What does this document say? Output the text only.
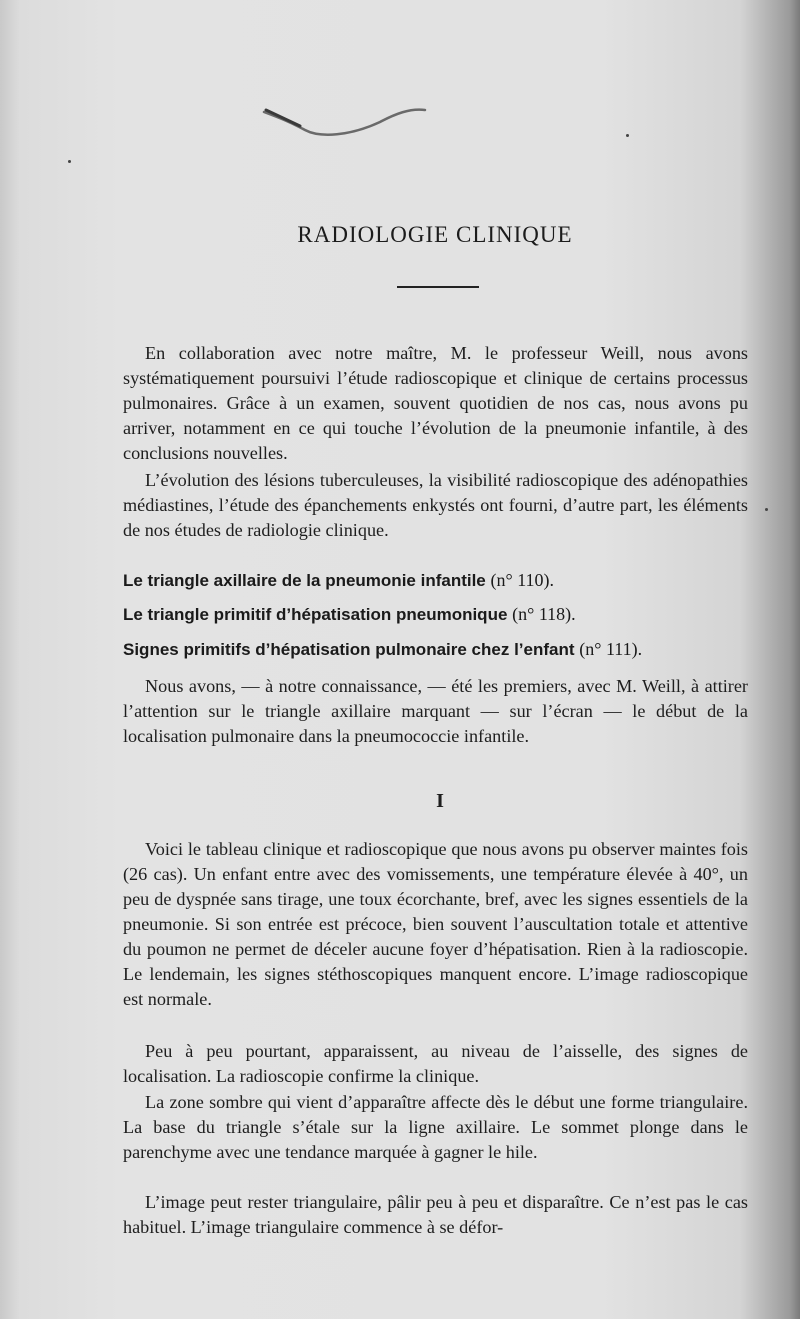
RADIOLOGIE CLINIQUE

En collaboration avec notre maître, M. le professeur Weill, nous avons systématiquement poursuivi l’étude radioscopique et clinique de certains processus pulmonaires. Grâce à un examen, souvent quotidien de nos cas, nous avons pu arriver, notamment en ce qui touche l’évolution de la pneumonie infantile, à des conclusions nouvelles.

L’évolution des lésions tuberculeuses, la visibilité radioscopique des adénopathies médiastines, l’étude des épanchements enkystés ont fourni, d’autre part, les éléments de nos études de radiologie clinique.

Le triangle axillaire de la pneumonie infantile (n° 110).

Le triangle primitif d’hépatisation pneumonique (n° 118).

Signes primitifs d’hépatisation pulmonaire chez l’enfant (n° 111).

Nous avons, — à notre connaissance, — été les premiers, avec M. Weill, à attirer l’attention sur le triangle axillaire marquant — sur l’écran — le début de la localisation pulmonaire dans la pneumococcie infantile.

I

Voici le tableau clinique et radioscopique que nous avons pu observer maintes fois (26 cas). Un enfant entre avec des vomissements, une température élevée à 40°, un peu de dyspnée sans tirage, une toux écorchante, bref, avec les signes essentiels de la pneumonie. Si son entrée est précoce, bien souvent l’auscultation totale et attentive du poumon ne permet de déceler aucune foyer d’hépatisation. Rien à la radioscopie. Le lendemain, les signes stéthoscopiques manquent encore. L’image radioscopique est normale.

Peu à peu pourtant, apparaissent, au niveau de l’aisselle, des signes de localisation. La radioscopie confirme la clinique.

La zone sombre qui vient d’apparaître affecte dès le début une forme triangulaire. La base du triangle s’étale sur la ligne axillaire. Le sommet plonge dans le parenchyme avec une tendance marquée à gagner le hile.

L’image peut rester triangulaire, pâlir peu à peu et disparaître. Ce n’est pas le cas habituel. L’image triangulaire commence à se défor-
